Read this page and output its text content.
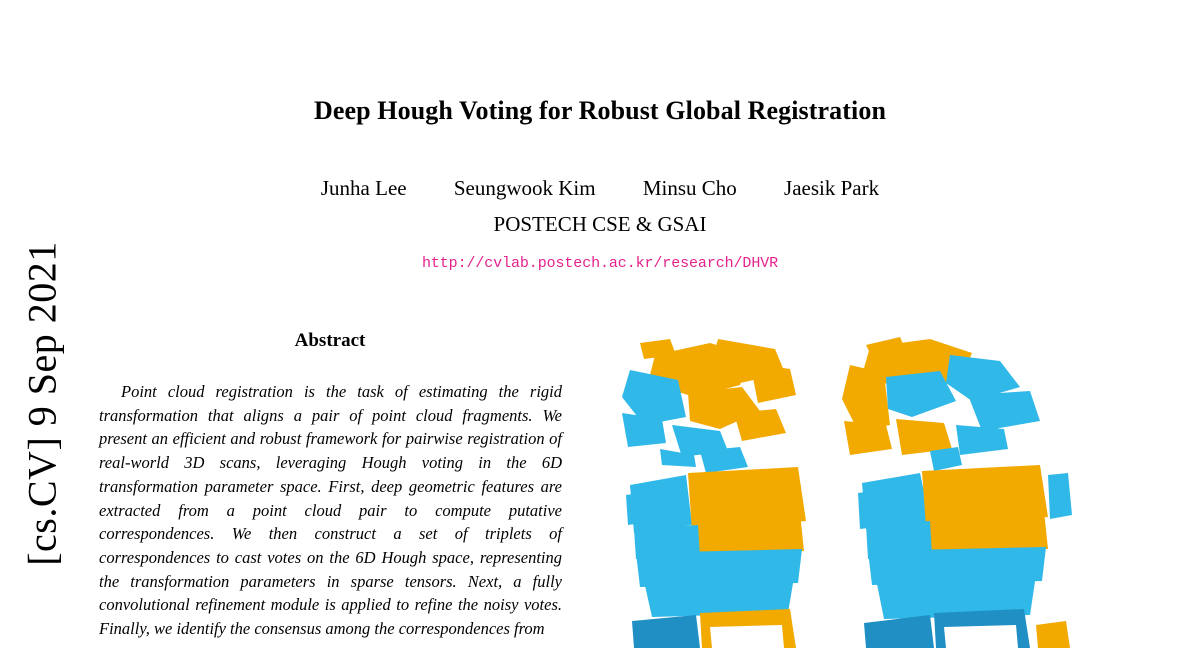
[cs.CV] 9 Sep 2021
Deep Hough Voting for Robust Global Registration
Junha Lee Seungwook Kim Minsu Cho Jaesik Park
POSTECH CSE & GSAI
http://cvlab.postech.ac.kr/research/DHVR
Abstract
Point cloud registration is the task of estimating the rigid transformation that aligns a pair of point cloud fragments. We present an efficient and robust framework for pairwise registration of real-world 3D scans, leveraging Hough voting in the 6D transformation parameter space. First, deep geometric features are extracted from a point cloud pair to compute putative correspondences. We then construct a set of triplets of correspondences to cast votes on the 6D Hough space, representing the transformation parameters in sparse tensors. Next, a fully convolutional refinement module is applied to refine the noisy votes. Finally, we identify the consensus among the correspondences from
